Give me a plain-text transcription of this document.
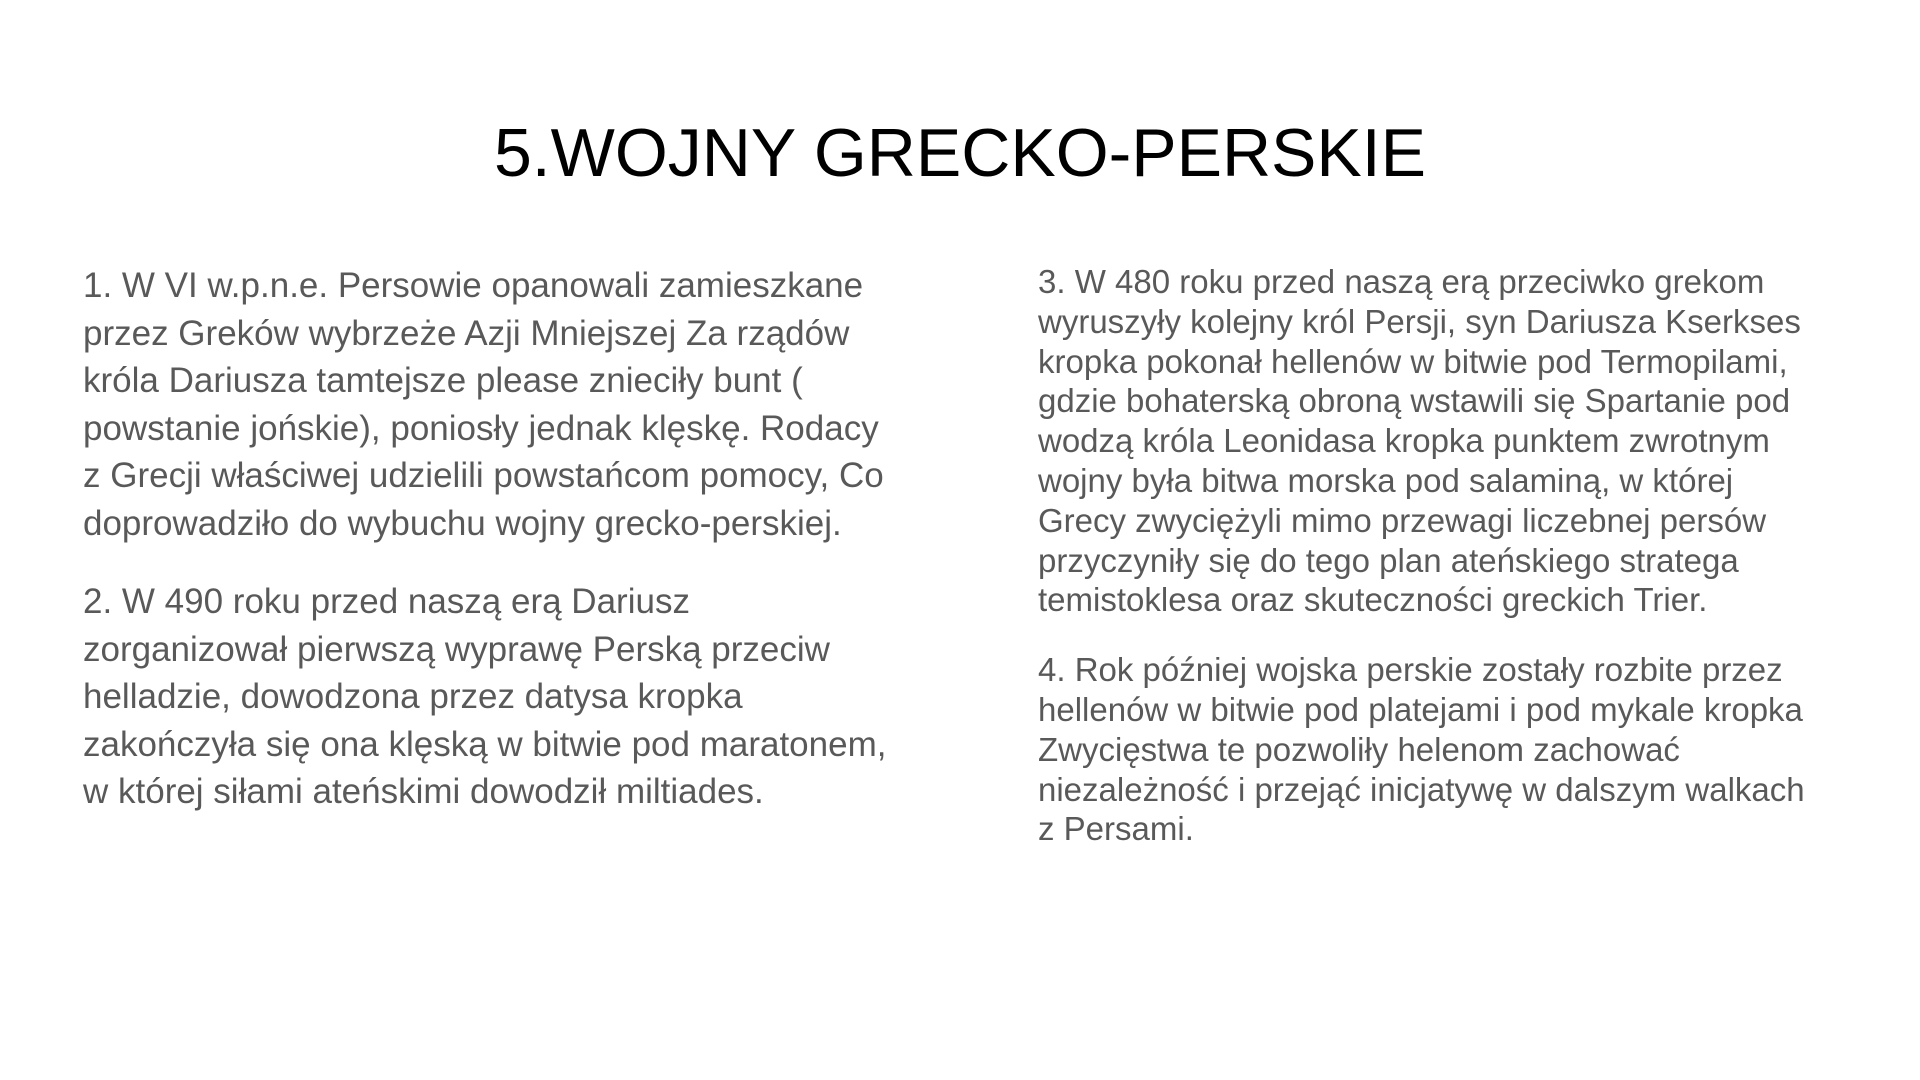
5.WOJNY GRECKO-PERSKIE

1. W VI w.p.n.e. Persowie opanowali zamieszkane
przez Greków wybrzeże Azji Mniejszej Za rządów
króla Dariusza tamtejsze please znieciły bunt (
powstanie jońskie), poniosły jednak klęskę. Rodacy
z Grecji właściwej udzielili powstańcom pomocy, Co
doprowadziło do wybuchu wojny grecko-perskiej.

2. W 490 roku przed naszą erą Dariusz
zorganizował pierwszą wyprawę Perską przeciw
helladzie, dowodzona przez datysa kropka
zakończyła się ona klęską w bitwie pod maratonem,
w której siłami ateńskimi dowodził miltiades.

3. W 480 roku przed naszą erą przeciwko grekom
wyruszyły kolejny król Persji, syn Dariusza Kserkses
kropka pokonał hellenów w bitwie pod Termopilami,
gdzie bohaterską obroną wstawili się Spartanie pod
wodzą króla Leonidasa kropka punktem zwrotnym
wojny była bitwa morska pod salaminą, w której
Grecy zwyciężyli mimo przewagi liczebnej persów
przyczyniły się do tego plan ateńskiego stratega
temistoklesa oraz skuteczności greckich Trier.

4. Rok później wojska perskie zostały rozbite przez
hellenów w bitwie pod platejami i pod mykale kropka
Zwycięstwa te pozwoliły helenom zachować
niezależność i przejąć inicjatywę w dalszym walkach
z Persami.
